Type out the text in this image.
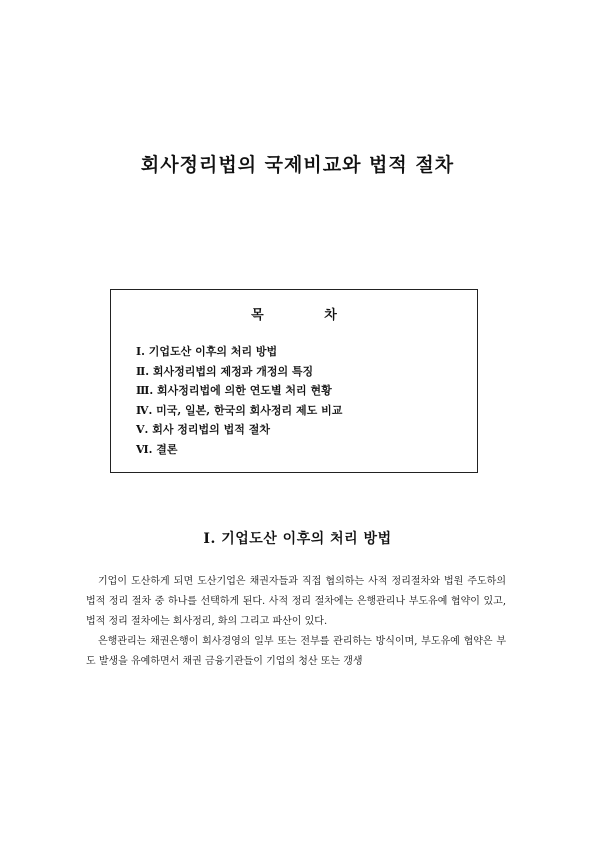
회사정리법의 국제비교와 법적 절차
목 차
Ⅰ. 기업도산 이후의 처리 방법
Ⅱ. 회사정리법의 제정과 개정의 특징
Ⅲ. 회사정리법에 의한 연도별 처리 현황
Ⅳ. 미국, 일본, 한국의 회사정리 제도 비교
Ⅴ. 회사 정리법의 법적 절차
Ⅵ. 결론
Ⅰ. 기업도산 이후의 처리 방법

기업이 도산하게 되면 도산기업은 채권자들과 직접 협의하는 사적 정리절차와 법원 주도하의 법적 정리 절차 중 하나를 선택하게 된다. 사적 정리 절차에는 은행관리나 부도유예 협약이 있고, 법적 정리 절차에는 회사정리, 화의 그리고 파산이 있다.

은행관리는 채권은행이 회사경영의 일부 또는 전부를 관리하는 방식이며, 부도유예 협약은 부도 발생을 유예하면서 채권 금융기관들이 기업의 청산 또는 갱생
